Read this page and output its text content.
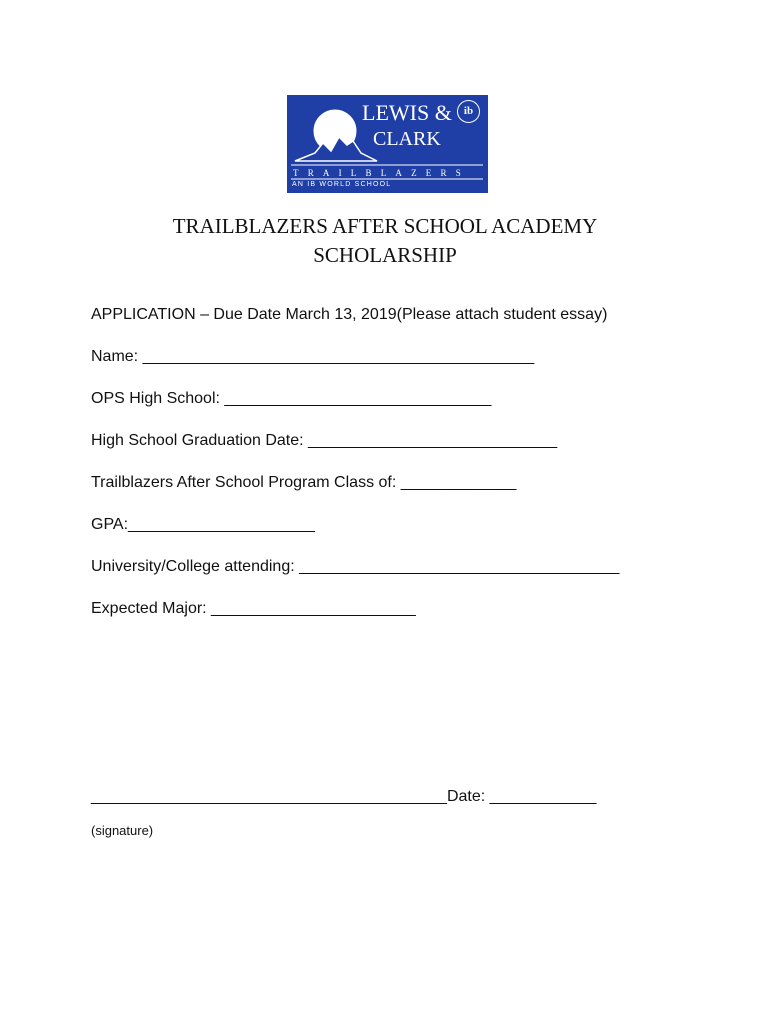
LEWIS &
CLARK
ib
TRAILBLAZERS
AN IB WORLD SCHOOL
TRAILBLAZERS AFTER SCHOOL ACADEMY
SCHOLARSHIP
APPLICATION – Due Date March 13, 2019(Please attach student essay)
Name: ____________________________________________
OPS High School: ______________________________
High School Graduation Date: ____________________________
Trailblazers After School Program Class of: _____________
GPA:_____________________
University/College attending: ____________________________________
Expected Major: _______________________
________________________________________Date: ____________
(signature)
